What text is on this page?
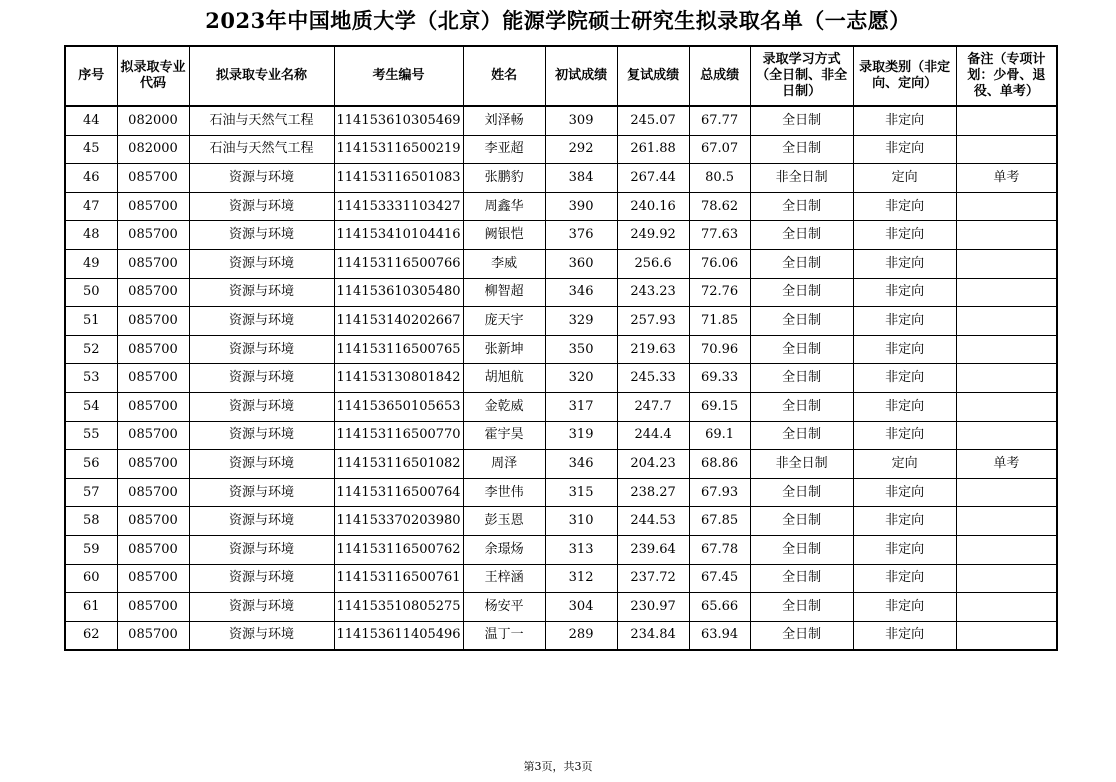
2023年中国地质大学（北京）能源学院硕士研究生拟录取名单（一志愿）
序号	拟录取专业代码	拟录取专业名称	考生编号	姓名	初试成绩	复试成绩	总成绩	录取学习方式（全日制、非全日制）	录取类别（非定向、定向）	备注（专项计划：少骨、退役、单考）
44	082000	石油与天然气工程	114153610305469	刘泽畅	309	245.07	67.77	全日制	非定向	
45	082000	石油与天然气工程	114153116500219	李亚超	292	261.88	67.07	全日制	非定向	
46	085700	资源与环境	114153116501083	张鹏豹	384	267.44	80.5	非全日制	定向	单考
47	085700	资源与环境	114153331103427	周鑫华	390	240.16	78.62	全日制	非定向	
48	085700	资源与环境	114153410104416	阙银恺	376	249.92	77.63	全日制	非定向	
49	085700	资源与环境	114153116500766	李威	360	256.6	76.06	全日制	非定向	
50	085700	资源与环境	114153610305480	柳智超	346	243.23	72.76	全日制	非定向	
51	085700	资源与环境	114153140202667	庞天宇	329	257.93	71.85	全日制	非定向	
52	085700	资源与环境	114153116500765	张新坤	350	219.63	70.96	全日制	非定向	
53	085700	资源与环境	114153130801842	胡旭航	320	245.33	69.33	全日制	非定向	
54	085700	资源与环境	114153650105653	金乾威	317	247.7	69.15	全日制	非定向	
55	085700	资源与环境	114153116500770	霍宇昊	319	244.4	69.1	全日制	非定向	
56	085700	资源与环境	114153116501082	周泽	346	204.23	68.86	非全日制	定向	单考
57	085700	资源与环境	114153116500764	李世伟	315	238.27	67.93	全日制	非定向	
58	085700	资源与环境	114153370203980	彭玉恩	310	244.53	67.85	全日制	非定向	
59	085700	资源与环境	114153116500762	余璟炀	313	239.64	67.78	全日制	非定向	
60	085700	资源与环境	114153116500761	王梓涵	312	237.72	67.45	全日制	非定向	
61	085700	资源与环境	114153510805275	杨安平	304	230.97	65.66	全日制	非定向	
62	085700	资源与环境	114153611405496	温丁一	289	234.84	63.94	全日制	非定向	
第3页，共3页
